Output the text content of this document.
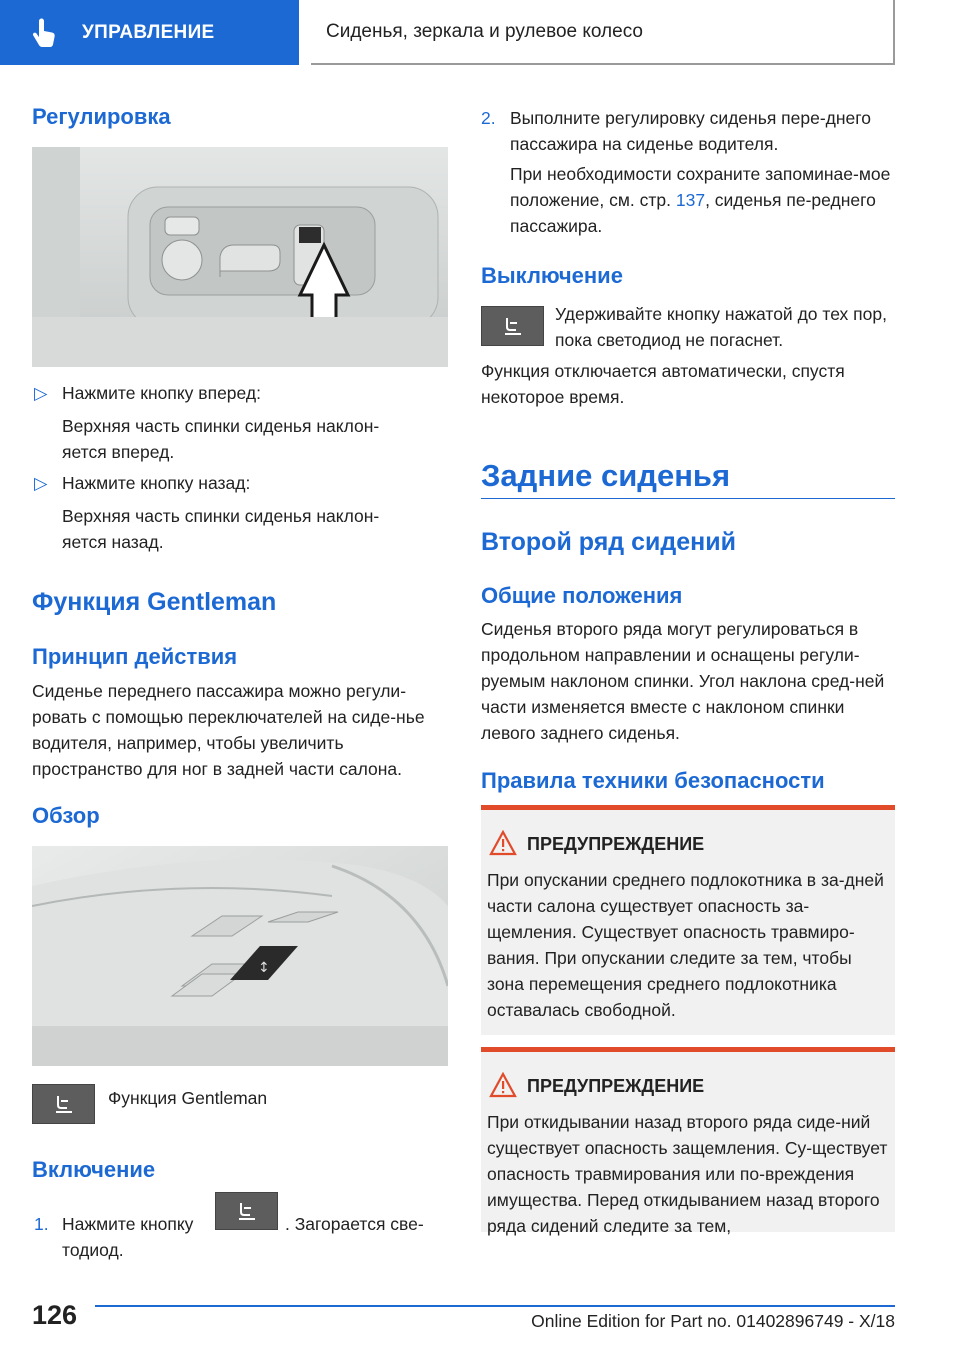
УПРАВЛЕНИЕ	Сиденья, зеркала и рулевое колесо
Регулировка
▷ Нажмите кнопку вперед:
Верхняя часть спинки сиденья наклон-яется вперед.
▷ Нажмите кнопку назад:
Верхняя часть спинки сиденья наклон-яется назад.
Функция Gentleman
Принцип действия
Сиденье переднего пассажира можно регули-ровать с помощью переключателей на сиде-нье водителя, например, чтобы увеличить пространство для ног в задней части салона.
Обзор
↕
Функция Gentleman
Включение
1. Нажмите кнопку	. Загорается све-
тодиод.
2. Выполните регулировку сиденья пере-днего пассажира на сиденье водителя.
При необходимости сохраните запоминае-мое положение, см. стр. 137, сиденья пе-реднего пассажира.
Выключение
Удерживайте кнопку нажатой до тех пор, пока светодиод не погаснет.
Функция отключается автоматически, спустя некоторое время.
Задние сиденья
Второй ряд сидений
Общие положения
Сиденья второго ряда могут регулироваться в продольном направлении и оснащены регули-руемым наклоном спинки. Угол наклона сред-ней части изменяется вместе с наклоном спинки левого заднего сиденья.
Правила техники безопасности
ПРЕДУПРЕЖДЕНИЕ
При опускании среднего подлокотника в за-дней части салона существует опасность за-щемления. Существует опасность травмиро-вания. При опускании следите за тем, чтобы зона перемещения среднего подлокотника оставалась свободной.
ПРЕДУПРЕЖДЕНИЕ
При откидывании назад второго ряда сиде-ний существует опасность защемления. Су-ществует опасность травмирования или по-вреждения имущества. Перед откидыванием назад второго ряда сидений следите за тем,
126	Online Edition for Part no. 01402896749 - X/18
